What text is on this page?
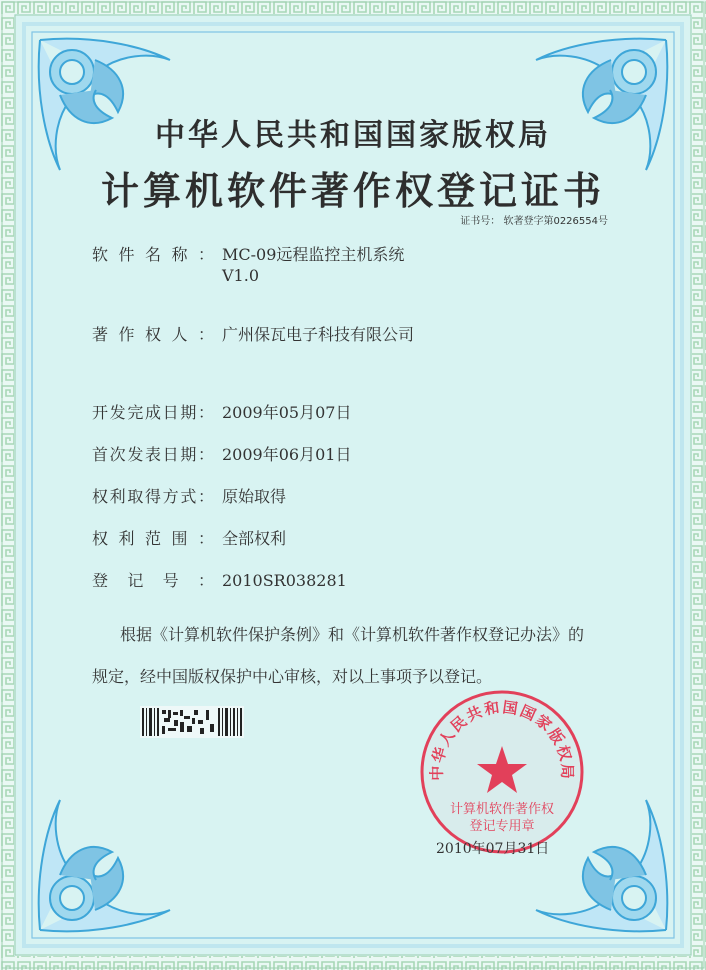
中华人民共和国国家版权局
计算机软件著作权登记证书
证书号： 软著登字第0226554号
软件名称： MC-09远程监控主机系统
V1.0
著作权人： 广州保瓦电子科技有限公司
开发完成日期： 2009年05月07日
首次发表日期： 2009年06月01日
权利取得方式： 原始取得
权利范围： 全部权利
登记号： 2010SR038281
根据《计算机软件保护条例》和《计算机软件著作权登记办法》的
规定，经中国版权保护中心审核，对以上事项予以登记。
中华人民共和国国家版权局
计算机软件著作权
登记专用章
2010年07月31日
